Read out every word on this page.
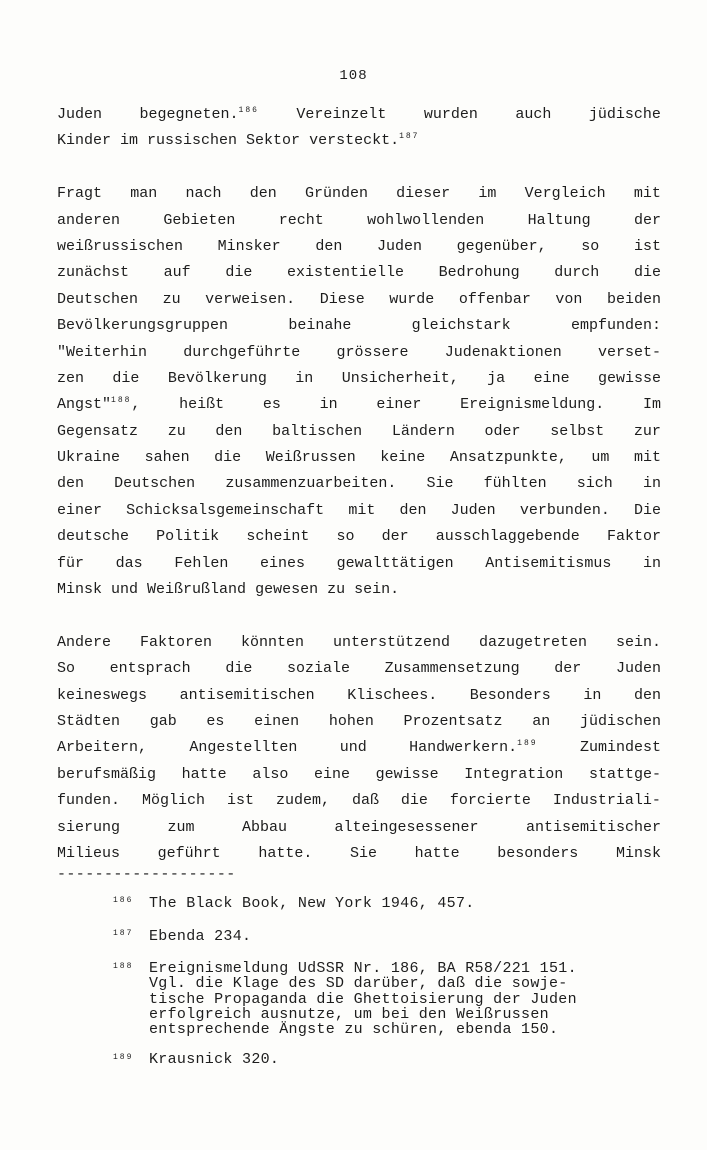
108
Juden begegneten.$^{186}$ Vereinzelt wurden auch jüdische
Kinder im russischen Sektor versteckt.$^{187}$
Fragt man nach den Gründen dieser im Vergleich mit
anderen	Gebieten	recht	wohlwollenden	Haltung	der
weißrussischen Minsker den Juden gegenüber, so ist
zunächst auf die existentielle Bedrohung durch die
Deutschen zu verweisen. Diese wurde offenbar von beiden
Bevölkerungsgruppen	beinahe	gleichstark	empfunden:
"Weiterhin durchgeführte grössere Judenaktionen verset-
zen die Bevölkerung in Unsicherheit, ja eine gewisse
Angst"$^{188}$,	heißt	es	in	einer	Ereignismeldung.	Im
Gegensatz zu den baltischen Ländern oder selbst zur
Ukraine sahen die Weißrussen keine Ansatzpunkte, um mit
den Deutschen zusammenzuarbeiten. Sie fühlten sich in
einer Schicksalsgemeinschaft mit den Juden verbunden. Die
deutsche Politik scheint so der ausschlaggebende Faktor
für das Fehlen eines gewalttätigen Antisemitismus in
Minsk und Weißrußland gewesen zu sein.
Andere Faktoren könnten unterstützend dazugetreten sein.
So entsprach die soziale Zusammensetzung der Juden
keineswegs antisemitischen Klischees. Besonders in den
Städten gab es einen hohen Prozentsatz an jüdischen
Arbeitern,	Angestellten	und	Handwerkern.$^{189}$	Zumindest
berufsmäßig hatte also eine gewisse Integration stattge-
funden. Möglich ist zudem, daß die forcierte Industriali-
sierung	zum	Abbau	alteingesessener	antisemitischer
Milieus	geführt	hatte.	Sie	hatte	besonders	Minsk
-------------------
186	The Black Book, New York 1946, 457.
187	Ebenda 234.
188	Ereignismeldung UdSSR Nr. 186, BA R58/221 151.
Vgl. die Klage des SD darüber, daß die sowje-
tische Propaganda die Ghettoisierung der Juden
erfolgreich ausnutze, um bei den Weißrussen
entsprechende Ängste zu schüren, ebenda 150.
189	Krausnick 320.
